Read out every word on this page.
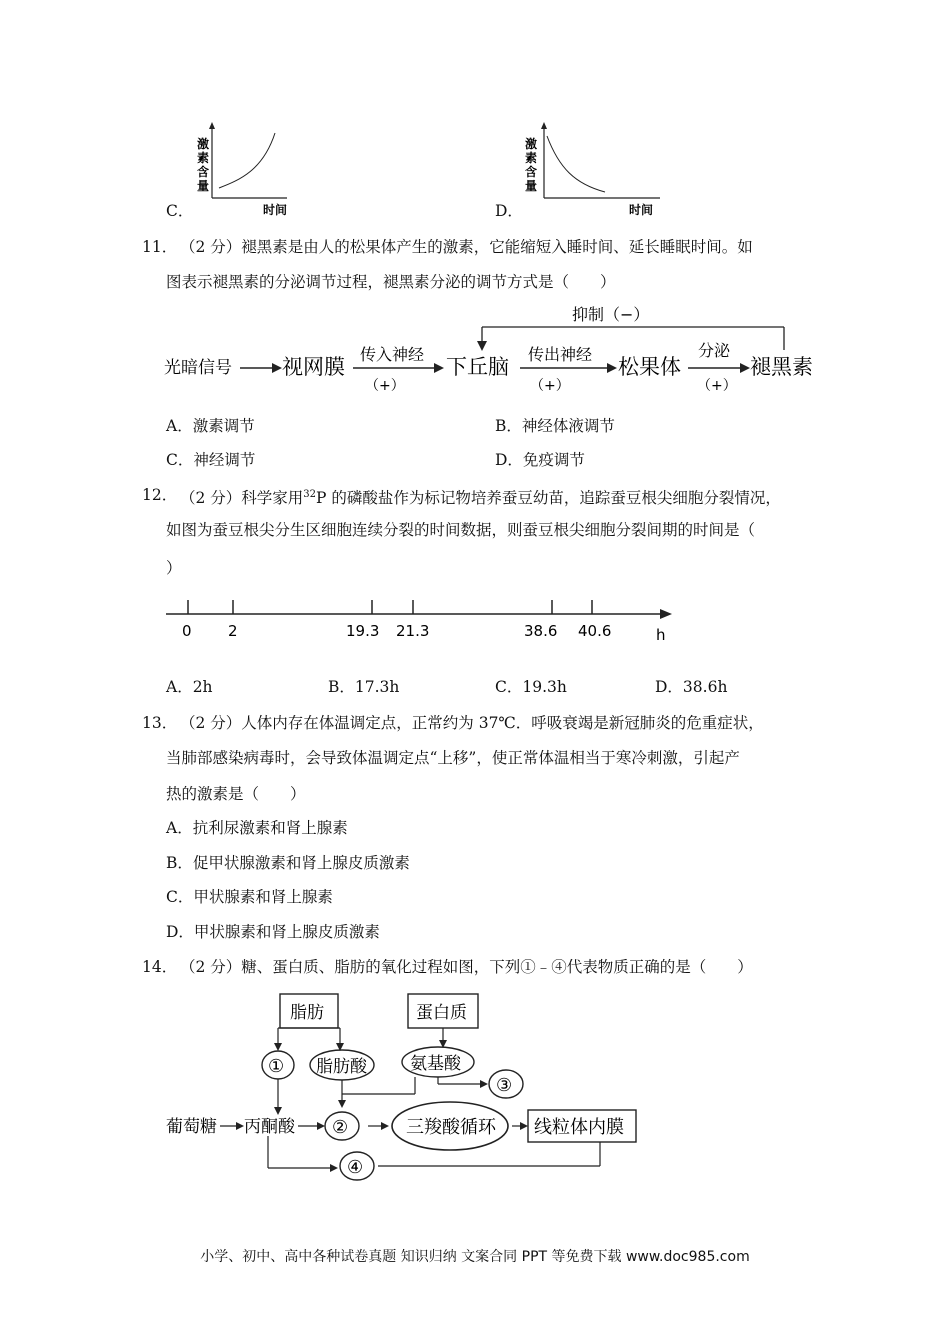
C．
激
素
含
量
时间	D．
激
素
含
量
时间
11． （2 分）褪黑素是由人的松果体产生的激素，它能缩短入睡时间、延长睡眠时间。如
图表示褪黑素的分泌调节过程，褪黑素分泌的调节方式是（　　）
抑制（−）
光暗信号 视网膜
传入神经
（+）
下丘脑
传出神经
（+）
松果体
分泌
（+）
褪黑素
A．激素调节	B．神经体液调节
C．神经调节	D．免疫调节
12． （2 分）科学家用$^{32}$P 的磷酸盐作为标记物培养蚕豆幼苗，追踪蚕豆根尖细胞分裂情况，
如图为蚕豆根尖分生区细胞连续分裂的时间数据，则蚕豆根尖细胞分裂间期的时间是（
）
0 2	19.3 21.3	38.6 40.6	h
A．2h	B．17.3h	C．19.3h	D．38.6h
13． （2 分）人体内存在体温调定点，正常约为 37℃．呼吸衰竭是新冠肺炎的危重症状，
当肺部感染病毒时，会导致体温调定点“上移”，使正常体温相当于寒冷刺激，引起产
热的激素是（　　）
A．抗利尿激素和肾上腺素
B．促甲状腺激素和肾上腺皮质激素
C．甲状腺素和肾上腺素
D．甲状腺素和肾上腺皮质激素
14． （2 分）糖、蛋白质、脂肪的氧化过程如图，下列①﹣④代表物质正确的是（　　）
脂肪	蛋白质
① 脂肪酸	氨基酸
③
葡萄糖 丙酮酸 ②	三羧酸循环 线粒体内膜
④
小学、初中、高中各种试卷真题 知识归纳 文案合同 PPT 等免费下载 www.doc985.com
